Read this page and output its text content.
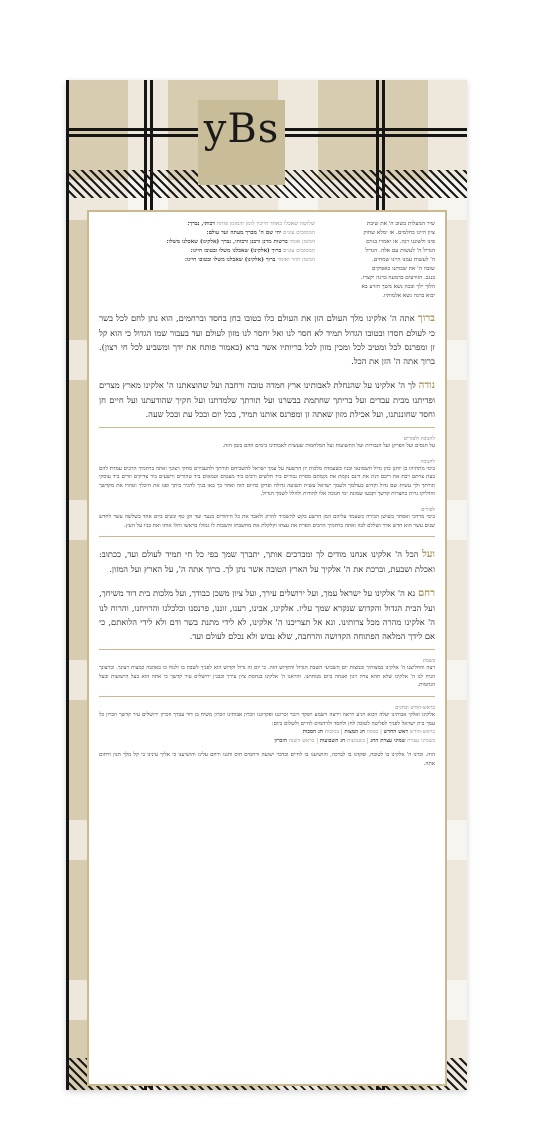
yBs
שיר המעלות בשוב ה' את שיבת
ציון היינו כחלמים. אז ימלא שחוק
פינו ולשוננו רנה. אז יאמרו בגוים
הגדיל ה' לעשות עם אלה. הגדיל
ה' לעשות עמנו היינו שמחים.
שובה ה' את שבותנו כאפיקים
בנגב. הזורעים בדמעה ברנה יקצרו.
הלוך ילך ובכה נשא משך הזרע בא
יבוא ברנה נשא אלמותיו.
שלושה שאכלו כאחד חייבין לזמן והמזמן פותח רבותי, נברך:
המסובים עונים יהי שם ה' מברך מעתה ועד עולם:
המזמן אומר ברשות מרנן ורבנן ורבותי, נברך (אלקינו) שאכלנו משלו:
המסובים עונים ברוך (אלקינו) שאכלנו משלו ובטובו חיינו:
המזמן חוזר ואומר ברוך (אלקינו) שאכלנו משלו ובטובו חיינו:
ברוך אתה ה' אלקינו מלך העולם הזן את העולם כלו בטובו בחן בחסד וברחמים, הוא נתן לחם לכל בשר כי לעולם חסדו ובטובו הגדול תמיד לא חסר לנו ואל יחסר לנו מזון לעולם ועד בעבור שמו הגדול כי הוא קל זן ומפרנס לכל ומטיב לכל ומכין מזון לכל בריותיו אשר ברא (כאמור פותח את ידך ומשביע לכל חי רצון). ברוך אתה ה' הזן את הכל.
נודה לך ה' אלקינו על שהנחלת לאבותינו ארץ חמדה טובה ורחבה ועל שהוצאתנו ה' אלקינו מארץ מצרים ופדיתנו מבית עבדים ועל בריתך שחתמת בבשרנו ועל תורתך שלמדתנו ועל חקיך שהודעתנו ועל חיים חן וחסד שחוננתנו, ועל אכילת מזון שאתה זן ומפרנס אותנו תמיד, בכל יום ובכל עת ובכל שעה.
לחנוכה ולפורים
על הנסים ועל הפרקן ועל הגבורות ועל התשועות ועל המלחמות שעשית לאבותינו בימים ההם בזמן הזה.
לחנוכה
בימי מתתיהו בן יוחנן כהן גדול חשמונאי ובניו כשעמדה מלכות יון הרשעה על עמך ישראל להשכיחם תורתך ולהעבירם מחקי רצונך ואתה ברחמיך הרבים עמדת להם בעת צרתם רבת את ריבם דנת את דינם נקמת את נקמתם מסרת גבורים ביד חלשים ורבים ביד מעטים וטמאים ביד טהורים ורשעים ביד צדיקים וזדים ביד עוסקי תורתך ולך עשית שם גדול וקדוש בעולמך ולעמך ישראל עשית תשועה גדולה ופרקן כהיום הזה ואחר כך באו בניך לדביר ביתך ופנו את היכלך וטהרו את מקדשך והדליקו נרות בחצרות קדשך וקבעו שמונת ימי חנוכה אלו להודות ולהלל לשמך הגדול.
לפורים
בימי מרדכי ואסתר בשושן הבירה כשעמד עליהם המן הרשע בקש להשמיד להרוג ולאבד את כל היהודים מנער ועד זקן טף ונשים ביום אחד בשלשה עשר לחדש שנים עשר הוא חדש אדר ושללם לבוז ואתה ברחמיך הרבים הפרת את עצתו וקלקלת את מחשבתו והשבות לו גמולו בראשו ותלו אותו ואת בניו על העץ.
ועל הכל ה' אלקינו אנחנו מודים לך ומברכים אותך, יתברך שמך בפי כל חי תמיד לעולם ועד, ככתוב: ואכלת ושבעת, וברכת את ה' אלקיך על הארץ הטובה אשר נתן לך. ברוך אתה ה', על הארץ ועל המזון.
רחם נא ה' אלקינו על ישראל עמך, ועל ירושלים עירך, ועל ציון משכן כבודך, ועל מלכות בית דוד משיחך, ועל הבית הגדול והקדוש שנקרא שמך עליו. אלקינו, אבינו, רענו, זוננו, פרנסנו וכלכלנו והרויחנו, והרוח לנו ה' אלקינו מהרה מכל צרותינו. ונא אל תצריכנו ה' אלקינו, לא לידי מתנת בשר ודם ולא לידי הלואתם, כי אם לידך המלאה הפתוחה הקדושה והרחבה, שלא נבוש ולא נכלם לעולם ועד.
בשבת
רצה והחליצנו ה' אלקינו במצותיך ובמצות יום השביעי השבת הגדול והקדוש הזה. כי יום זה גדול וקדוש הוא לפניך לשבת בו ולנוח בו באהבה כמצות רצונך. וברצונך הניח לנו ה' אלקינו שלא תהא צרה ויגון ואנחה ביום מנוחתנו. והראנו ה' אלקינו בנחמת ציון עירך ובבנין ירושלים עיר קדשך כי אתה הוא בעל הישועות ובעל הנחמות.
בראש-חודש ובחגים
אלקינו ואלקי אבותינו יעלה ויבוא ויגיע ויראה וירצה וישמע ויפקד ויזכר זכרוננו ופקדוננו וזכרון אבותינו וזכרון משיח בן דוד עבדך וזכרון ירושלים עיר קדשך וזכרון כל עמך בית ישראל לפניך לפליטה לטובה לחן ולחסד ולרחמים לחיים ולשלום ביום:
בראש-חודש ראש החדש | בפסח חג המצות | בסוכות חג הסכות
בשמיני עצרת שמיני עצרת החג | בשבועות חג השבועות | בראש השנה הזכרון
הזה. זכרנו ה' אלקינו בו לטובה, ופקדנו בו לברכה, והושיענו בו לחיים ובדבר ישועה ורחמים חוס וחננו ורחם עלינו והושיענו כי אליך עינינו כי קל מלך חנון ורחום אתה.
